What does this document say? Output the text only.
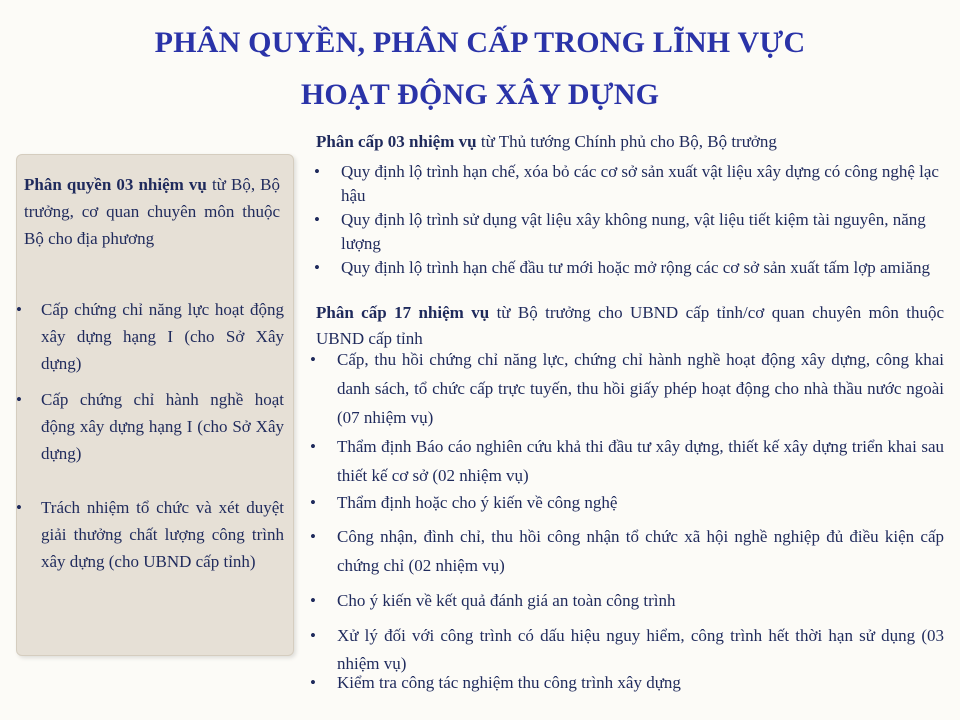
PHÂN QUYỀN, PHÂN CẤP TRONG LĨNH VỰC
HOẠT ĐỘNG XÂY DỰNG
Phân quyền 03 nhiệm vụ từ Bộ, Bộ trưởng, cơ quan chuyên môn thuộc Bộ cho địa phương
• Cấp chứng chỉ năng lực hoạt động xây dựng hạng I (cho Sở Xây dựng)
• Cấp chứng chỉ hành nghề hoạt động xây dựng hạng I (cho Sở Xây dựng)
• Trách nhiệm tổ chức và xét duyệt giải thưởng chất lượng công trình xây dựng (cho UBND cấp tỉnh)
Phân cấp 03 nhiệm vụ từ Thủ tướng Chính phủ cho Bộ, Bộ trưởng
• Quy định lộ trình hạn chế, xóa bỏ các cơ sở sản xuất vật liệu xây dựng có công nghệ lạc hậu
• Quy định lộ trình sử dụng vật liệu xây không nung, vật liệu tiết kiệm tài nguyên, năng lượng
• Quy định lộ trình hạn chế đầu tư mới hoặc mở rộng các cơ sở sản xuất tấm lợp amiăng
Phân cấp 17 nhiệm vụ từ Bộ trưởng cho UBND cấp tỉnh/cơ quan chuyên môn thuộc UBND cấp tỉnh
• Cấp, thu hồi chứng chỉ năng lực, chứng chỉ hành nghề hoạt động xây dựng, công khai danh sách, tổ chức cấp trực tuyến, thu hồi giấy phép hoạt động cho nhà thầu nước ngoài (07 nhiệm vụ)
• Thẩm định Báo cáo nghiên cứu khả thi đầu tư xây dựng, thiết kế xây dựng triển khai sau thiết kế cơ sở (02 nhiệm vụ)
• Thẩm định hoặc cho ý kiến về công nghệ
• Công nhận, đình chỉ, thu hồi công nhận tổ chức xã hội nghề nghiệp đủ điều kiện cấp chứng chỉ (02 nhiệm vụ)
• Cho ý kiến về kết quả đánh giá an toàn công trình
• Xử lý đối với công trình có dấu hiệu nguy hiểm, công trình hết thời hạn sử dụng (03 nhiệm vụ)
• Kiểm tra công tác nghiệm thu công trình xây dựng
